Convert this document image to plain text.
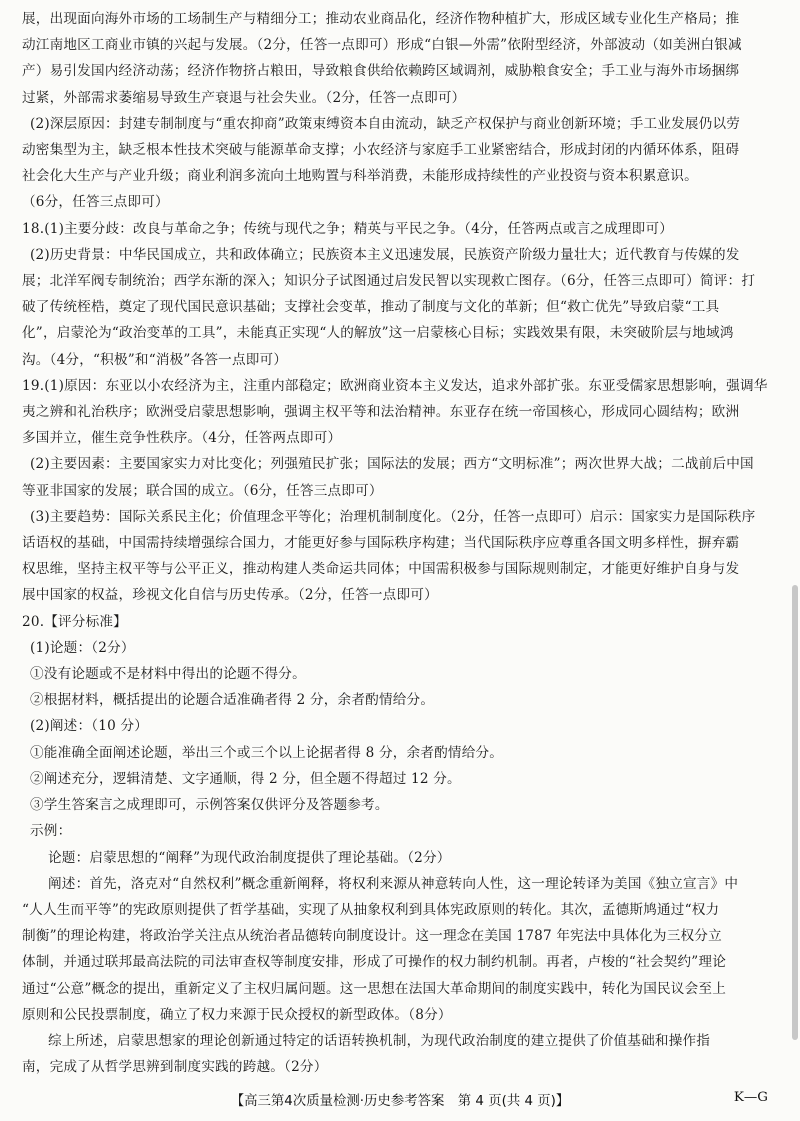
展，出现面向海外市场的工场制生产与精细分工；推动农业商品化，经济作物种植扩大，形成区域专业化生产格局；推

动江南地区工商业市镇的兴起与发展。（2分，任答一点即可）形成“白银—外需”依附型经济，外部波动（如美洲白银减

产）易引发国内经济动荡；经济作物挤占粮田，导致粮食供给依赖跨区域调剂，威胁粮食安全；手工业与海外市场捆绑

过紧，外部需求萎缩易导致生产衰退与社会失业。（2分，任答一点即可）

(2)深层原因：封建专制制度与“重农抑商”政策束缚资本自由流动，缺乏产权保护与商业创新环境；手工业发展仍以劳

动密集型为主，缺乏根本性技术突破与能源革命支撑；小农经济与家庭手工业紧密结合，形成封闭的内循环体系，阻碍

社会化大生产与产业升级；商业利润多流向土地购置与科举消费，未能形成持续性的产业投资与资本积累意识。

（6分，任答三点即可）

18.(1)主要分歧：改良与革命之争；传统与现代之争；精英与平民之争。（4分，任答两点或言之成理即可）

(2)历史背景：中华民国成立，共和政体确立；民族资本主义迅速发展，民族资产阶级力量壮大；近代教育与传媒的发

展；北洋军阀专制统治；西学东渐的深入；知识分子试图通过启发民智以实现救亡图存。（6分，任答三点即可）简评：打

破了传统桎梏，奠定了现代国民意识基础；支撑社会变革，推动了制度与文化的革新；但“救亡优先”导致启蒙“工具

化”，启蒙沦为“政治变革的工具”，未能真正实现“人的解放”这一启蒙核心目标；实践效果有限，未突破阶层与地域鸿

沟。（4分，“积极”和“消极”各答一点即可）

19.(1)原因：东亚以小农经济为主，注重内部稳定；欧洲商业资本主义发达，追求外部扩张。东亚受儒家思想影响，强调华

夷之辨和礼治秩序；欧洲受启蒙思想影响，强调主权平等和法治精神。东亚存在统一帝国核心，形成同心圆结构；欧洲

多国并立，催生竞争性秩序。（4分，任答两点即可）

(2)主要因素：主要国家实力对比变化；列强殖民扩张；国际法的发展；西方“文明标准”；两次世界大战；二战前后中国

等亚非国家的发展；联合国的成立。（6分，任答三点即可）

(3)主要趋势：国际关系民主化；价值理念平等化；治理机制制度化。（2分，任答一点即可）启示：国家实力是国际秩序

话语权的基础，中国需持续增强综合国力，才能更好参与国际秩序构建；当代国际秩序应尊重各国文明多样性，摒弃霸

权思维，坚持主权平等与公平正义，推动构建人类命运共同体；中国需积极参与国际规则制定，才能更好维护自身与发

展中国家的权益，珍视文化自信与历史传承。（2分，任答一点即可）

20.【评分标准】

(1)论题：（2分）

①没有论题或不是材料中得出的论题不得分。

②根据材料，概括提出的论题合适准确者得 2 分，余者酌情给分。

(2)阐述：（10 分）

①能准确全面阐述论题，举出三个或三个以上论据者得 8 分，余者酌情给分。

②阐述充分，逻辑清楚、文字通顺，得 2 分，但全题不得超过 12 分。

③学生答案言之成理即可，示例答案仅供评分及答题参考。

示例：

论题：启蒙思想的“阐释”为现代政治制度提供了理论基础。（2分）

阐述：首先，洛克对“自然权利”概念重新阐释，将权利来源从神意转向人性，这一理论转译为美国《独立宣言》中

“人人生而平等”的宪政原则提供了哲学基础，实现了从抽象权利到具体宪政原则的转化。其次，孟德斯鸠通过“权力

制衡”的理论构建，将政治学关注点从统治者品德转向制度设计。这一理念在美国 1787 年宪法中具体化为三权分立

体制，并通过联邦最高法院的司法审查权等制度安排，形成了可操作的权力制约机制。再者，卢梭的“社会契约”理论

通过“公意”概念的提出，重新定义了主权归属问题。这一思想在法国大革命期间的制度实践中，转化为国民议会至上

原则和公民投票制度，确立了权力来源于民众授权的新型政体。（8分）

综上所述，启蒙思想家的理论创新通过特定的话语转换机制，为现代政治制度的建立提供了价值基础和操作指

南，完成了从哲学思辨到制度实践的跨越。（2分）

【高三第4次质量检测·历史参考答案　第 4 页(共 4 页)】	K—G
